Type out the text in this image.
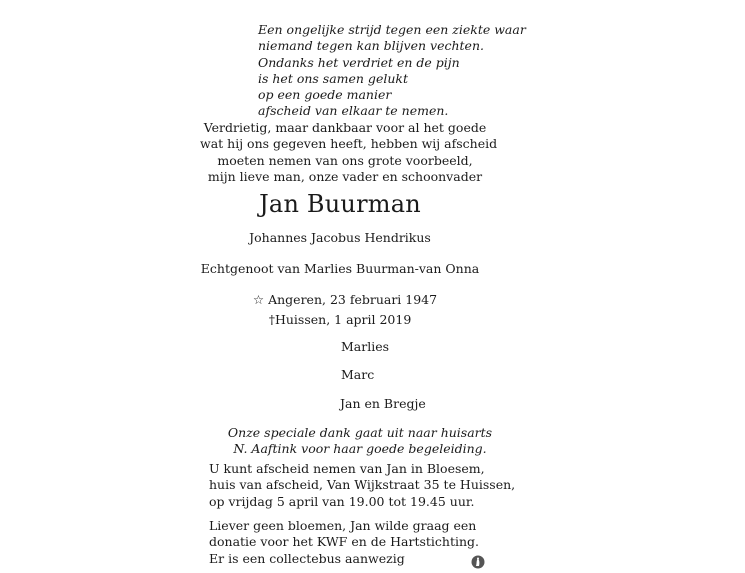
Een ongelijke strijd tegen een ziekte waar
niemand tegen kan blijven vechten.
Ondanks het verdriet en de pijn
is het ons samen gelukt
op een goede manier
afscheid van elkaar te nemen.
Verdrietig, maar dankbaar voor al het goede
wat hij ons gegeven heeft, hebben wij afscheid
moeten nemen van ons grote voorbeeld,
mijn lieve man, onze vader en schoonvader
Jan Buurman
Johannes Jacobus Hendrikus
Echtgenoot van Marlies Buurman-van Onna
☆ Angeren, 23 februari 1947
†Huissen, 1 april 2019
Marlies
Marc
Jan en Bregje
Onze speciale dank gaat uit naar huisarts
N. Aaftink voor haar goede begeleiding.
U kunt afscheid nemen van Jan in Bloesem,
huis van afscheid, Van Wijkstraat 35 te Huissen,
op vrijdag 5 april van 19.00 tot 19.45 uur.
Liever geen bloemen, Jan wilde graag een
donatie voor het KWF en de Hartstichting.
Er is een collectebus aanwezig
